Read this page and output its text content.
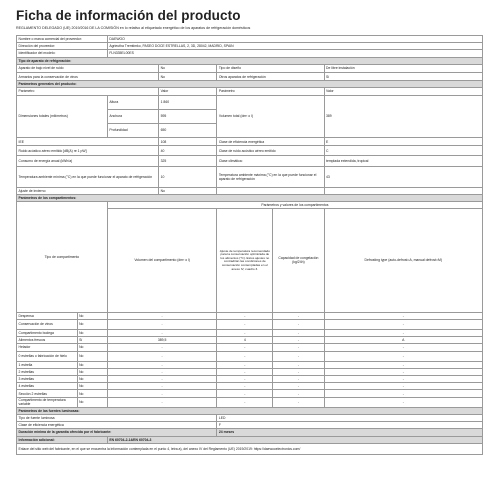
Ficha de información del producto
REGLAMENTO DELEGADO (UE) 2019/2016 DE LA COMISIÓN en lo relativo al etiquetado energético de los aparatos de refrigeración domésticos
Nombre o marca comercial del proveedor:		DAEWOO				
Dirección del proveedor:		Agrieutha Tremtimko, PASEO DOCE ESTRELLAS, 2, 3D, 28042, MADRID, SPAIN				
Identificador del modelo:		FLN335EL00ES				
Tipo de aparato de refrigeración:						
Aparato de bajo nivel de ruido			No	Tipo de diseño		De libre instalación
Armarios para la conservación de vinos			No	Otros aparatos de refrigeración		Sí
Parámetros generales del producto:						
Parámetro			Valor	Parámetro		Valor
Dimensiones totales (milímetros)		Altura	1 860	Volumen total (dm³ o l)		389
		Anchura	595			
		Profundidad	650			
IEE			108	Clase de eficiencia energética		E
Ruido acústico aéreo emitido [dB(A) re 1 pW]			40	Clase de ruido acústico aéreo emitido		C
Consumo de energía anual (kWh/a)			325	Clase climática:		templada extendida, tropical
Temperatura ambiente mínima (°C) en la que puede funcionar el aparato de refrigeración			10	Temperatura ambiente máxima (°C) en la que puede funcionar el aparato de refrigeración		43
Ajuste de invierno			No			
Parámetros de los compartimentos:						
Tipo de compartimento		Parámetros y valores de los compartimentos				
		Volumen del compartimento (dm³ o l)		Ajuste de temperatura recomendado para la conservación optimizada de los alimentos (°C). Estos ajustes no contradirán las condiciones de conservación contempladas en el anexo IV, cuadro 3.	Capacidad de congelación (kg/24h)	Defrosting type (auto-defrost=A, manual defrost=M)
Despensa	No	-		-	-	-
Conservación de vinos	No	-		-	-	-
Compartimento bodega	No	-		-	-	-
Alimentos frescos	Sí	389,5		4	-	A
Helador	No	-		-	-	-
0 estrellas o fabricación de hielo	No	-		-	-	-
1 estrella	No	-		-	-	-
2 estrellas	No	-		-	-	-
3 estrellas	No	-		-	-	-
4 estrellas	No	-		-	-	-
Sección 2 estrellas	No	-		-	-	-
Compartimento de temperatura variable	No	-		-	-	-
Parámetros de las fuentes luminosas:						
Tipo de fuente luminosa				LED		
Clase de eficiencia energética				F		
Duración mínima de la garantía ofrecida por el fabricante:				24 meses		
Información adicional:		EN 60704-2-14/EN 60704-3				
Enlace del sitio web del fabricante, en el que se encuentra la información contemplada en el punto 4, letra a), del anexo IV del Reglamento (UE) 2019/2019: https://daewooelectronics.com/						
